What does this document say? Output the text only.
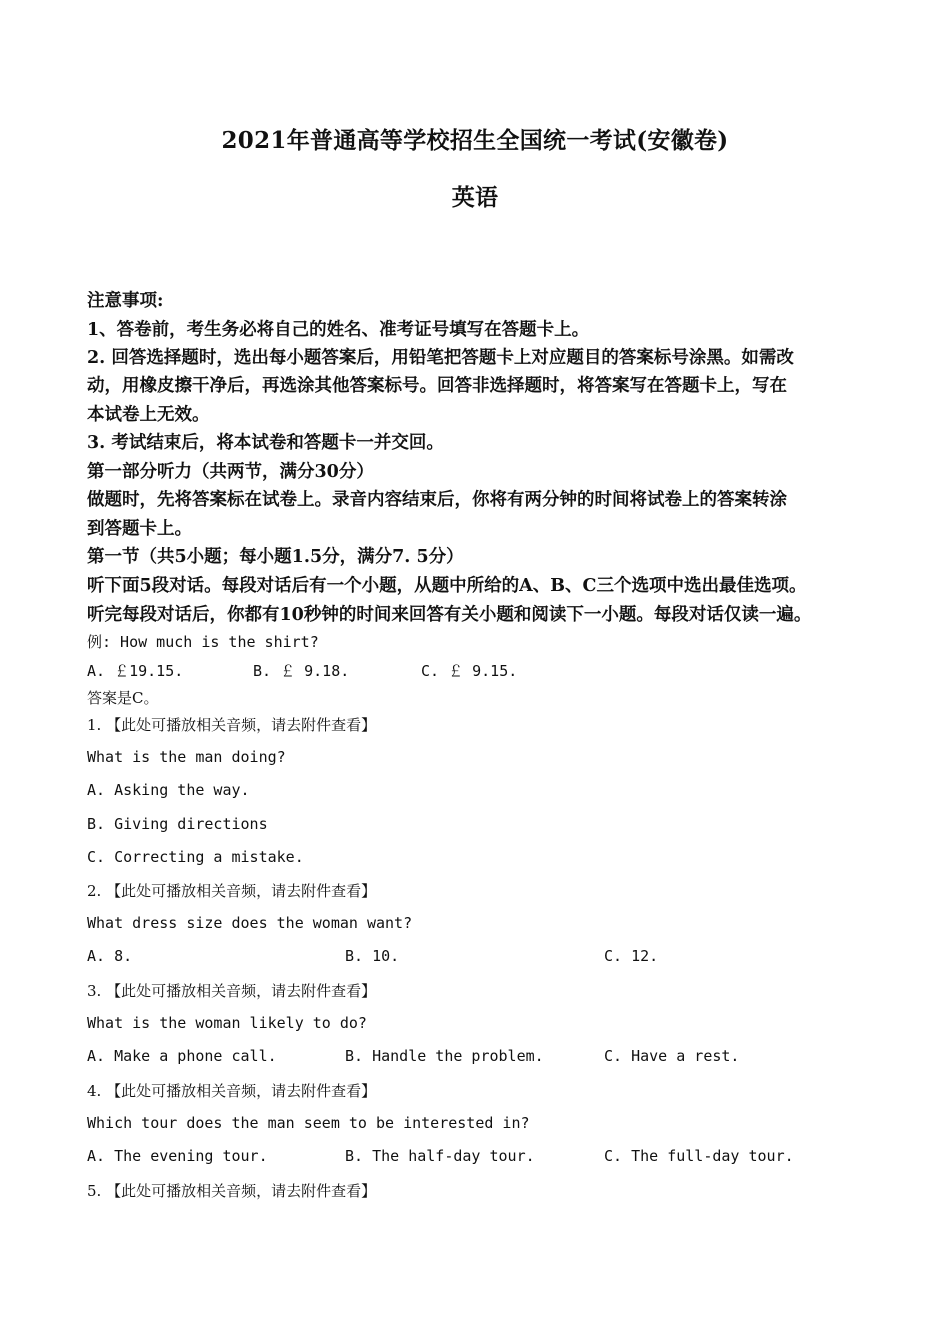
2021年普通高等学校招生全国统一考试(安徽卷)
英语
注意事项:
1、答卷前，考生务必将自己的姓名、准考证号填写在答题卡上。
2. 回答选择题时，选出每小题答案后，用铅笔把答题卡上对应题目的答案标号涂黑。如需改
动，用橡皮擦干净后，再选涂其他答案标号。回答非选择题时，将答案写在答题卡上，写在
本试卷上无效。
3. 考试结束后，将本试卷和答题卡一并交回。
第一部分听力（共两节，满分30分）
做题时，先将答案标在试卷上。录音内容结束后，你将有两分钟的时间将试卷上的答案转涂
到答题卡上。
第一节（共5小题；每小题1.5分，满分7. 5分）
听下面5段对话。每段对话后有一个小题，从题中所给的A、B、C三个选项中选出最佳选项。
听完每段对话后，你都有10秒钟的时间来回答有关小题和阅读下一小题。每段对话仅读一遍。
例: How much is the shirt?
A. ￡19.15.	B. ￡ 9.18.	C. ￡ 9.15.
答案是C。
1. 【此处可播放相关音频，请去附件查看】
What is the man doing?
A. Asking the way.
B. Giving directions
C. Correcting a mistake.
2. 【此处可播放相关音频，请去附件查看】
What dress size does the woman want?
A. 8.	B. 10.	C. 12.
3. 【此处可播放相关音频，请去附件查看】
What is the woman likely to do?
A. Make a phone call.	B. Handle the problem.	C. Have a rest.
4. 【此处可播放相关音频，请去附件查看】
Which tour does the man seem to be interested in?
A. The evening tour.	B. The half-day tour.	C. The full-day tour.
5. 【此处可播放相关音频，请去附件查看】
